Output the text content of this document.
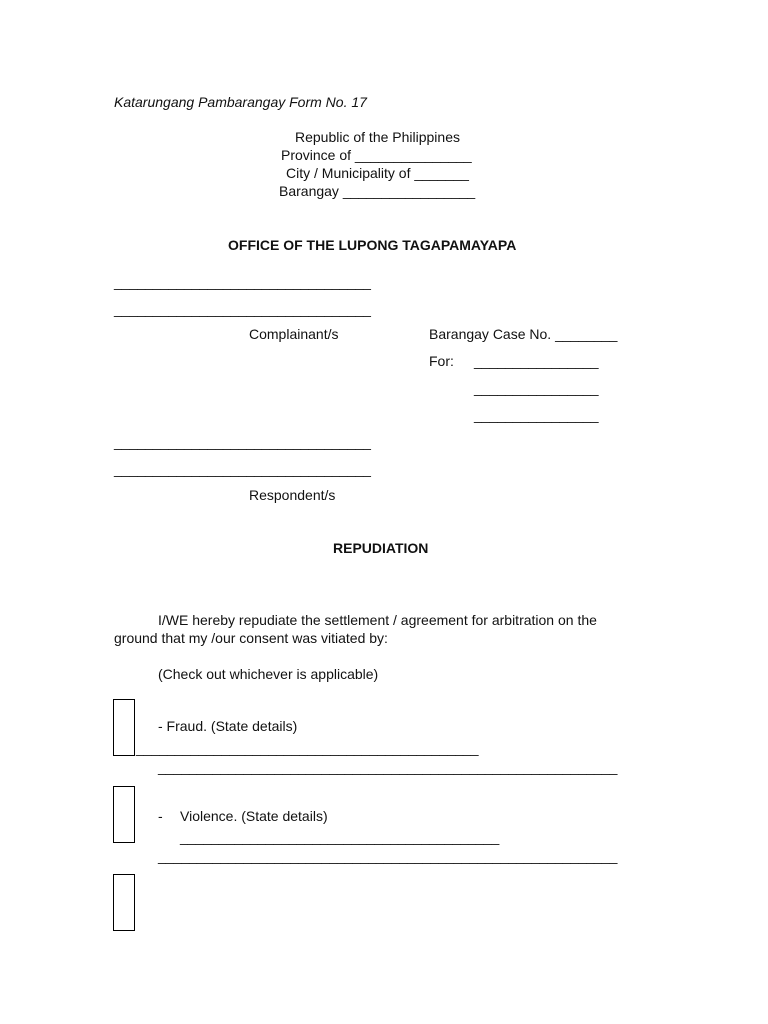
Katarungang Pambarangay Form No. 17

Republic of the Philippines

Province of _______________

City / Municipality of _______

Barangay _________________

OFFICE OF THE LUPONG TAGAPAMAYAPA

_________________________________

_________________________________

Complainant/s	Barangay Case No. ________

For: ________________

________________

________________

_________________________________

_________________________________

Respondent/s

REPUDIATION

I/WE hereby repudiate the settlement / agreement for arbitration on the

ground that my /our consent was vitiated by:

(Check out whichever is applicable)

- Fraud. (State details)

____________________________________________

___________________________________________________________

- Violence. (State details)

_________________________________________

___________________________________________________________
